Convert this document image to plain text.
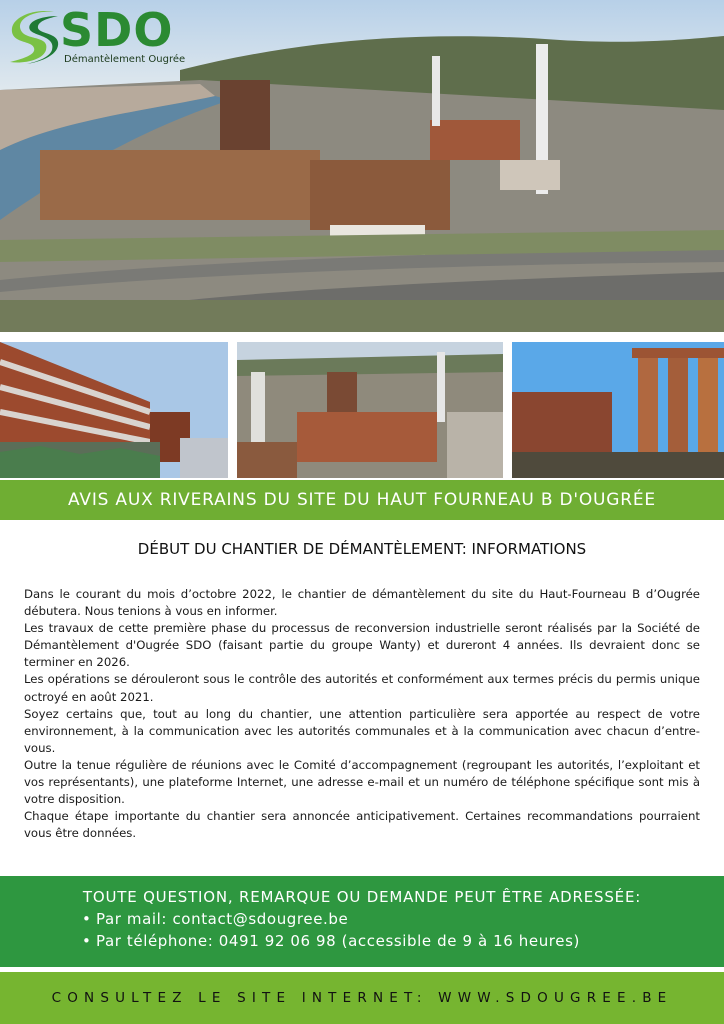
SDO
Démantèlement Ougrée
AVIS AUX RIVERAINS DU SITE DU HAUT FOURNEAU B D'OUGRÉE
DÉBUT DU CHANTIER DE DÉMANTÈLEMENT: INFORMATIONS

Dans le courant du mois d’octobre 2022, le chantier de démantèlement du site du Haut-Fourneau B d’Ougrée débutera. Nous tenions à vous en informer.

Les travaux de cette première phase du processus de reconversion industrielle seront réalisés par la Société de Démantèlement d'Ougrée SDO (faisant partie du groupe Wanty) et dureront 4 années. Ils devraient donc se terminer en 2026.

Les opérations se dérouleront sous le contrôle des autorités et conformément aux termes précis du permis unique octroyé en août 2021.

Soyez certains que, tout au long du chantier, une attention particulière sera apportée au respect de votre environnement, à la communication avec les autorités communales et à la communication avec chacun d’entre-vous.

Outre la tenue régulière de réunions avec le Comité d’accompagnement (regroupant les autorités, l’exploitant et vos représentants), une plateforme Internet, une adresse e-mail et un numéro de téléphone spécifique sont mis à votre disposition.

Chaque étape importante du chantier sera annoncée anticipativement. Certaines recommandations pourraient vous être données.

TOUTE QUESTION, REMARQUE OU DEMANDE PEUT ÊTRE ADRESSÉE:
• Par mail: contact@sdougree.be
• Par téléphone: 0491 92 06 98 (accessible de 9 à 16 heures)
CONSULTEZ LE SITE INTERNET: WWW.SDOUGREE.BE
